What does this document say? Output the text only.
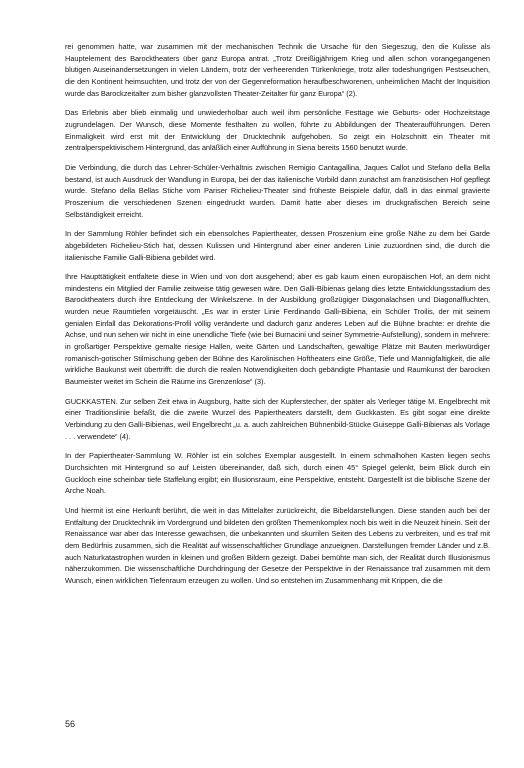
rei genommen hatte, war zusammen mit der mechanischen Technik die Ursache für den Siegeszug, den die Kulisse als Hauptelement des Barocktheaters über ganz Europa antrat. „Trotz Dreißigjährigem Krieg und allen schon vorangegangenen blutigen Auseinandersetzungen in vielen Ländern, trotz der verheerenden Türkenkriege, trotz aller todeshungrigen Pestseuchen, die den Kontinent heimsuchten, und trotz der von der Gegenreformation heraufbeschworenen, unheimlichen Macht der Inquisition wurde das Barockzeitalter zum bisher glanzvollsten Theater-Zeitalter für ganz Europa“ (2).

Das Erlebnis aber blieb einmalig und unwiederholbar auch weil ihm persönliche Festtage wie Geburts- oder Hochzeitstage zugrundelagen. Der Wunsch, diese Momente festhalten zu wollen, führte zu Abbildungen der Theateraufführungen. Deren Einmaligkeit wird erst mit der Entwicklung der Drucktechnik aufgehoben. So zeigt ein Holzschnitt ein Theater mit zentralperspektivischem Hintergrund, das anläßlich einer Aufführung in Siena bereits 1560 benutzt wurde.

Die Verbindung, die durch das Lehrer-Schüler-Verhältnis zwischen Remigio Cantagallina, Jaques Callot und Stefano della Bella bestand, ist auch Ausdruck der Wandlung in Europa, bei der das italienische Vorbild dann zunächst am französischen Hof gepflegt wurde. Stefano della Bellas Stiche vom Pariser Richelieu-Theater sind früheste Beispiele dafür, daß in das einmal gravierte Proszenium die verschiedenen Szenen eingedruckt wurden. Damit hatte aber dieses im druckgrafischen Bereich seine Selbständigkeit erreicht.

In der Sammlung Röhler befindet sich ein ebensolches Papiertheater, dessen Proszenium eine große Nähe zu dem bei Garde abgebildeten Richelieu-Stich hat, dessen Kulissen und Hintergrund aber einer anderen Linie zuzuordnen sind, die durch die italienische Familie Galli-Bibiena gebildet wird.

Ihre Haupttätigkeit entfaltete diese in Wien und von dort ausgehend; aber es gab kaum einen europäischen Hof, an dem nicht mindestens ein Mitglied der Familie zeitweise tätig gewesen wäre. Den Galli-Bibienas gelang dies letzte Entwicklungsstadium des Barocktheaters durch ihre Entdeckung der Winkelszene. In der Ausbildung großzügiger Diagonalachsen und Diagonalfluchten, wurden neue Raumtiefen vorgetäuscht. „Es war in erster Linie Ferdinando Galli-Bibiena, ein Schüler Troilis, der mit seinem genialen Einfall das Dekorations-Profil völlig veränderte und dadurch ganz anderes Leben auf die Bühne brachte: er drehte die Achse, und nun sehen wir nicht in eine unendliche Tiefe (wie bei Burnacini und seiner Symmetrie-Aufstellung), sondern in mehrere: in großartiger Perspektive gemalte riesige Hallen, weite Gärten und Landschaften, gewaltige Plätze mit Bauten merkwürdiger romanisch-gotischer Stilmischung geben der Bühne des Karolinischen Hoftheaters eine Größe, Tiefe und Mannigfaltigkeit, die alle wirkliche Baukunst weit übertrifft: die durch die realen Notwendigkeiten doch gebändigte Phantasie und Raumkunst der barocken Baumeister weitet im Schein die Räume ins Grenzenlose“ (3).

GUCKKASTEN. Zur selben Zeit etwa in Augsburg, hatte sich der Kupferstecher, der später als Verleger tätige M. Engelbrecht mit einer Traditionslinie befaßt, die die zweite Wurzel des Papiertheaters darstellt, dem Guckkasten. Es gibt sogar eine direkte Verbindung zu den Galli-Bibienas, weil Engelbrecht „u. a. auch zahlreichen Bühnenbild-Stücke Guiseppe Galli-Bibienas als Vorlage . . . verwendete“ (4).

In der Papiertheater-Sammlung W. Röhler ist ein solches Exemplar ausgestellt. In einem schmalhohen Kasten liegen sechs Durchsichten mit Hintergrund so auf Leisten übereinander, daß sich, durch einen 45° Spiegel gelenkt, beim Blick durch ein Guckloch eine scheinbar tiefe Staffelung ergibt; ein Illusionsraum, eine Perspektive, entsteht. Dargestellt ist die biblische Szene der Arche Noah.

Und hiermit ist eine Herkunft berührt, die weit in das Mittelalter zurückreicht, die Bibeldarstellungen. Diese standen auch bei der Entfaltung der Drucktechnik im Vordergrund und bildeten den größten Themenkomplex noch bis weit in die Neuzeit hinein. Seit der Renaissance war aber das Interesse gewachsen, die unbekannten und skurrilen Seiten des Lebens zu verbreiten, und es traf mit dem Bedürfnis zusammen, sich die Realität auf wissenschaftlicher Grundlage anzueignen. Darstellungen fremder Länder und z.B. auch Naturkatastrophen wurden in kleinen und großen Bildern gezeigt. Dabei bemühte man sich, der Realität durch Illusionismus näherzukommen. Die wissenschaftliche Durchdringung der Gesetze der Perspektive in der Renaissance traf zusammen mit dem Wunsch, einen wirklichen Tiefenraum erzeugen zu wollen. Und so entstehen im Zusammenhang mit Krippen, die die

56
